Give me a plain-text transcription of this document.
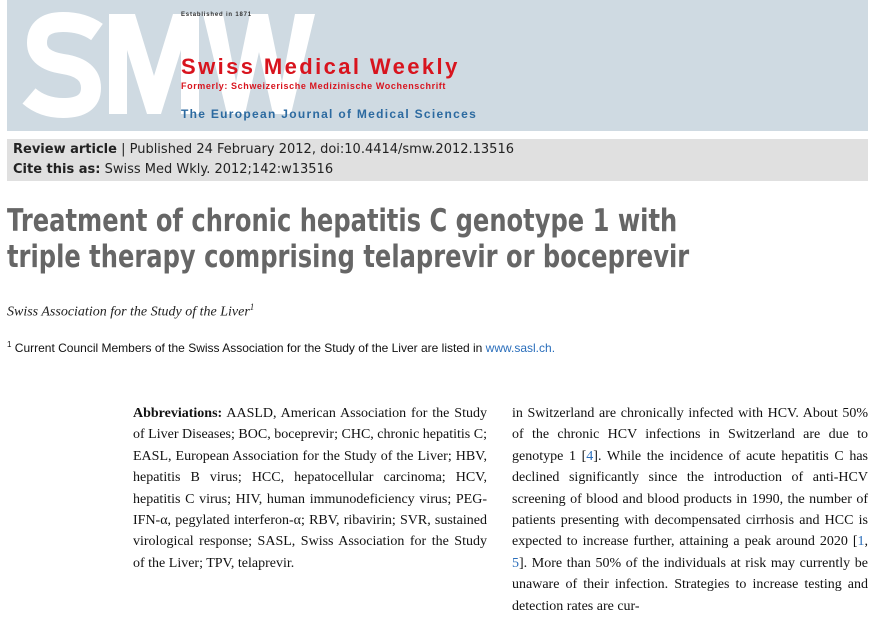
Established in 1871
Swiss Medical Weekly
Formerly: Schweizerische Medizinische Wochenschrift
The European Journal of Medical Sciences
Review article | Published 24 February 2012, doi:10.4414/smw.2012.13516
Cite this as: Swiss Med Wkly. 2012;142:w13516
Treatment of chronic hepatitis C genotype 1 with
triple therapy comprising telaprevir or boceprevir
Swiss Association for the Study of the Liver$^1$
$^1$ Current Council Members of the Swiss Association for the Study of the Liver are listed in www.sasl.ch.
Abbreviations: AASLD, American Association for the Study of Liver Diseases; BOC, boceprevir; CHC, chronic hepatitis C; EASL, European Association for the Study of the Liver; HBV, hepatitis B virus; HCC, hepatocellular carcinoma; HCV, hepatitis C virus; HIV, human immunodeficiency virus; PEG-IFN-α, pegylated interferon-α; RBV, ribavirin; SVR, sustained virological response; SASL, Swiss Association for the Study of the Liver; TPV, telaprevir.
in Switzerland are chronically infected with HCV. About 50% of the chronic HCV infections in Switzerland are due to genotype 1 [4]. While the incidence of acute hepatitis C has declined significantly since the introduction of anti-HCV screening of blood and blood products in 1990, the number of patients presenting with decompensated cirrhosis and HCC is expected to increase further, attaining a peak around 2020 [1, 5]. More than 50% of the individuals at risk may currently be unaware of their infection. Strategies to increase testing and detection rates are cur-
